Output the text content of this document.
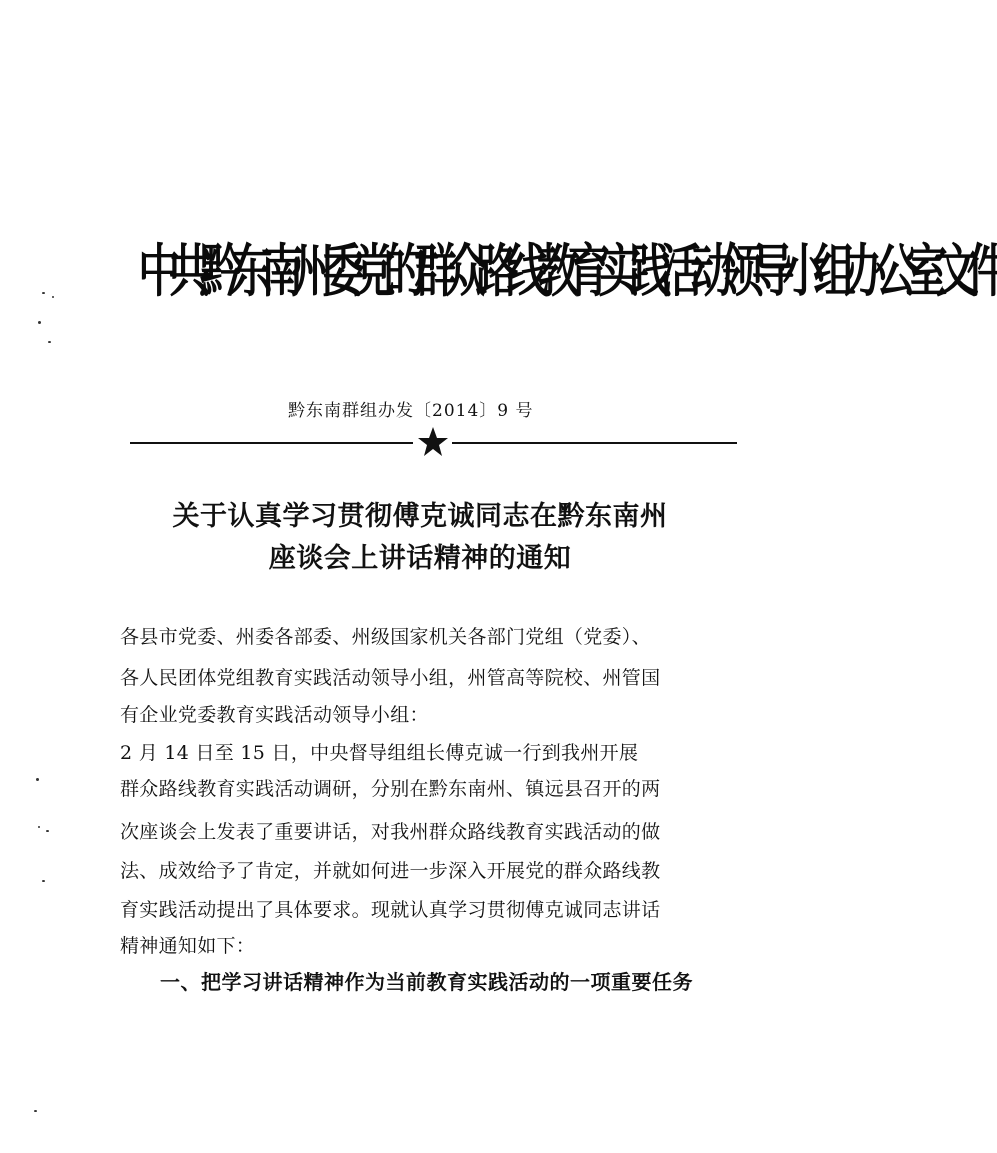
中共黔东南州委党的群众路线教育实践活动领导小组办公室文件
黔东南群组办发〔2014〕9 号
关于认真学习贯彻傅克诚同志在黔东南州
座谈会上讲话精神的通知
各县市党委、州委各部委、州级国家机关各部门党组（党委）、
各人民团体党组教育实践活动领导小组，州管高等院校、州管国
有企业党委教育实践活动领导小组：
2 月 14 日至 15 日，中央督导组组长傅克诚一行到我州开展
群众路线教育实践活动调研，分别在黔东南州、镇远县召开的两
次座谈会上发表了重要讲话，对我州群众路线教育实践活动的做
法、成效给予了肯定，并就如何进一步深入开展党的群众路线教
育实践活动提出了具体要求。现就认真学习贯彻傅克诚同志讲话
精神通知如下：
一、把学习讲话精神作为当前教育实践活动的一项重要任务
